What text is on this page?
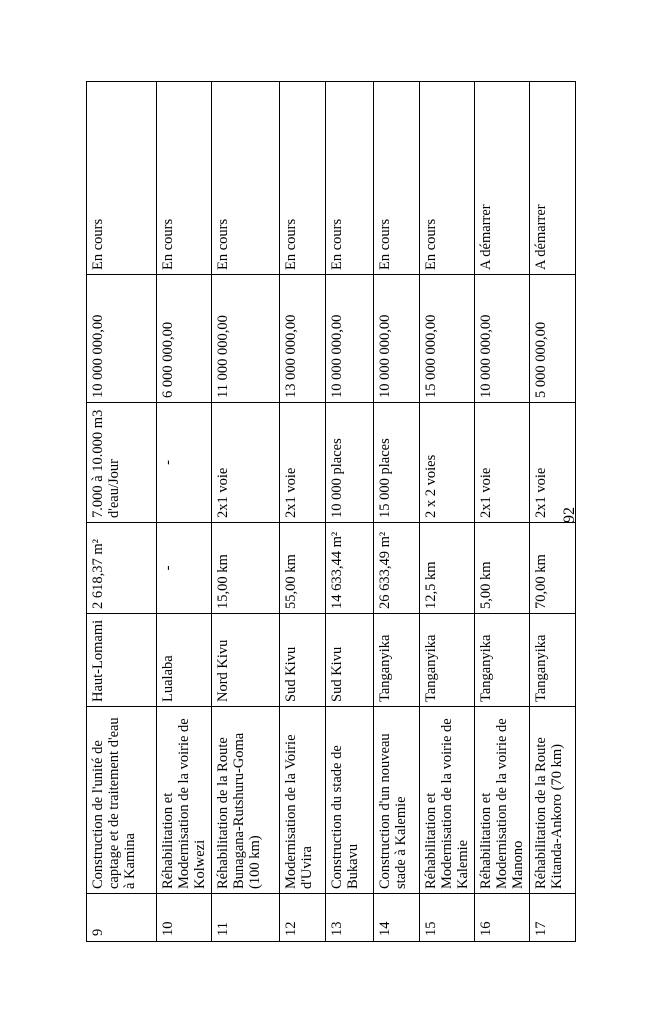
9	Construction de l'unité de captage et de traitement d'eau à Kamina	Haut-Lomami	2 618,37 m²	7.000 à 10.000 m3 d'eau/Jour	10 000 000,00	En cours
10	Réhabilitation et Modernisation de la voirie de Kolwezi	Lualaba	-	-	6 000 000,00	En cours
11	Réhabilitation de la Route Bunagana-Rutshuru-Goma (100 km)	Nord Kivu	15,00 km	2x1 voie	11 000 000,00	En cours
12	Modernisation de la Voirie d'Uvira	Sud Kivu	55,00 km	2x1 voie	13 000 000,00	En cours
13	Construction du stade de Bukavu	Sud Kivu	14 633,44 m²	10 000 places	10 000 000,00	En cours
14	Construction d'un nouveau stade à Kalemie	Tanganyika	26 633,49 m²	15 000 places	10 000 000,00	En cours
15	Réhabilitation et Modernisation de la voirie de Kalemie	Tanganyika	12,5 km	2 x 2 voies	15 000 000,00	En cours
16	Réhabilitation et Modernisation de la voirie de Manono	Tanganyika	5,00 km	2x1 voie	10 000 000,00	A démarrer
17	Réhabilitation de la Route Kitanda-Ankoro (70 km)	Tanganyika	70,00 km	2x1 voie	5 000 000,00	A démarrer
92
